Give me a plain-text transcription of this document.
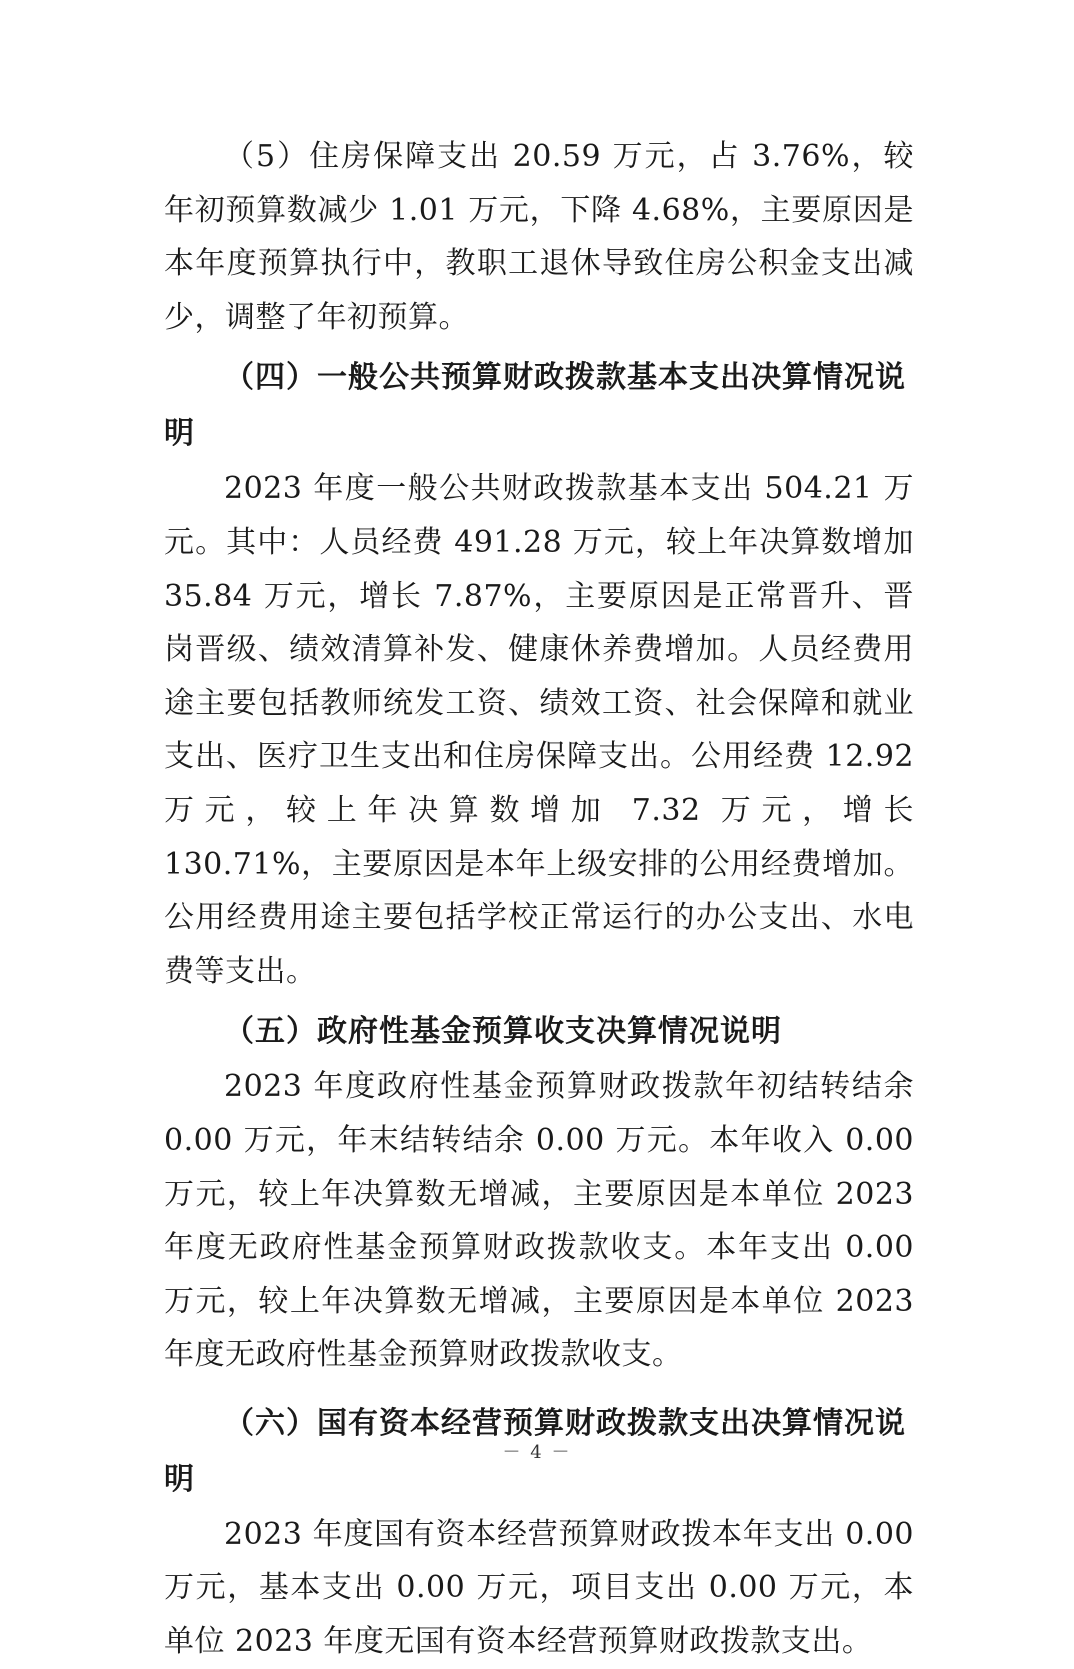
（5）住房保障支出 20.59 万元，占 3.76%，较年初预算数减少 1.01 万元，下降 4.68%，主要原因是本年度预算执行中，教职工退休导致住房公积金支出减少，调整了年初预算。

（四）一般公共预算财政拨款基本支出决算情况说明

2023 年度一般公共财政拨款基本支出 504.21 万元。其中：人员经费 491.28 万元，较上年决算数增加 35.84 万元，增长 7.87%，主要原因是正常晋升、晋岗晋级、绩效清算补发、健康休养费增加。人员经费用途主要包括教师统发工资、绩效工资、社会保障和就业支出、医疗卫生支出和住房保障支出。公用经费 12.92 万元，较上年决算数增加 7.32 万元，增长 130.71%，主要原因是本年上级安排的公用经费增加。公用经费用途主要包括学校正常运行的办公支出、水电费等支出。

（五）政府性基金预算收支决算情况说明

2023 年度政府性基金预算财政拨款年初结转结余 0.00 万元，年末结转结余 0.00 万元。本年收入 0.00 万元，较上年决算数无增减，主要原因是本单位 2023 年度无政府性基金预算财政拨款收支。本年支出 0.00 万元，较上年决算数无增减，主要原因是本单位 2023 年度无政府性基金预算财政拨款收支。

（六）国有资本经营预算财政拨款支出决算情况说明

2023 年度国有资本经营预算财政拨本年支出 0.00 万元，基本支出 0.00 万元，项目支出 0.00 万元，本单位 2023 年度无国有资本经营预算财政拨款支出。

－ 4 －
